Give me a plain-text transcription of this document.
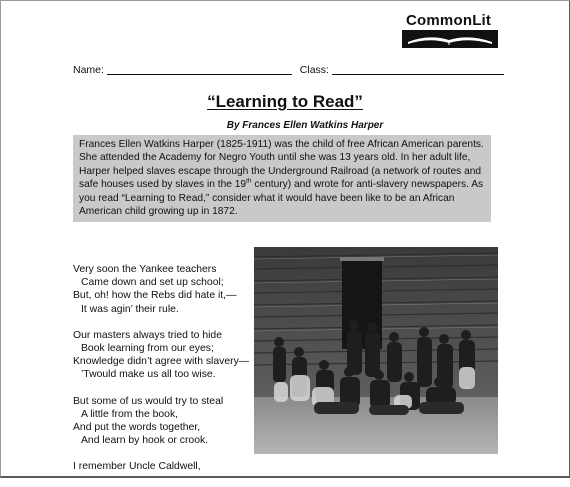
CommonLit
Name:	Class:
“Learning to Read”
By Frances Ellen Watkins Harper
Frances Ellen Watkins Harper (1825-1911) was the child of free African American parents. She attended the Academy for Negro Youth until she was 13 years old. In her adult life, Harper helped slaves escape through the Underground Railroad (a network of routes and safe houses used by slaves in the 19th century) and wrote for anti-slavery newspapers. As you read “Learning to Read,” consider what it would have been like to be an African American child growing up in 1872.
Very soon the Yankee teachers
Came down and set up school;
But, oh! how the Rebs did hate it,—
It was agin’ their rule.
Our masters always tried to hide
Book learning from our eyes;
Knowledge didn’t agree with slavery—
’Twould make us all too wise.
But some of us would try to steal
A little from the book,
And put the words together,
And learn by hook or crook.
I remember Uncle Caldwell,
